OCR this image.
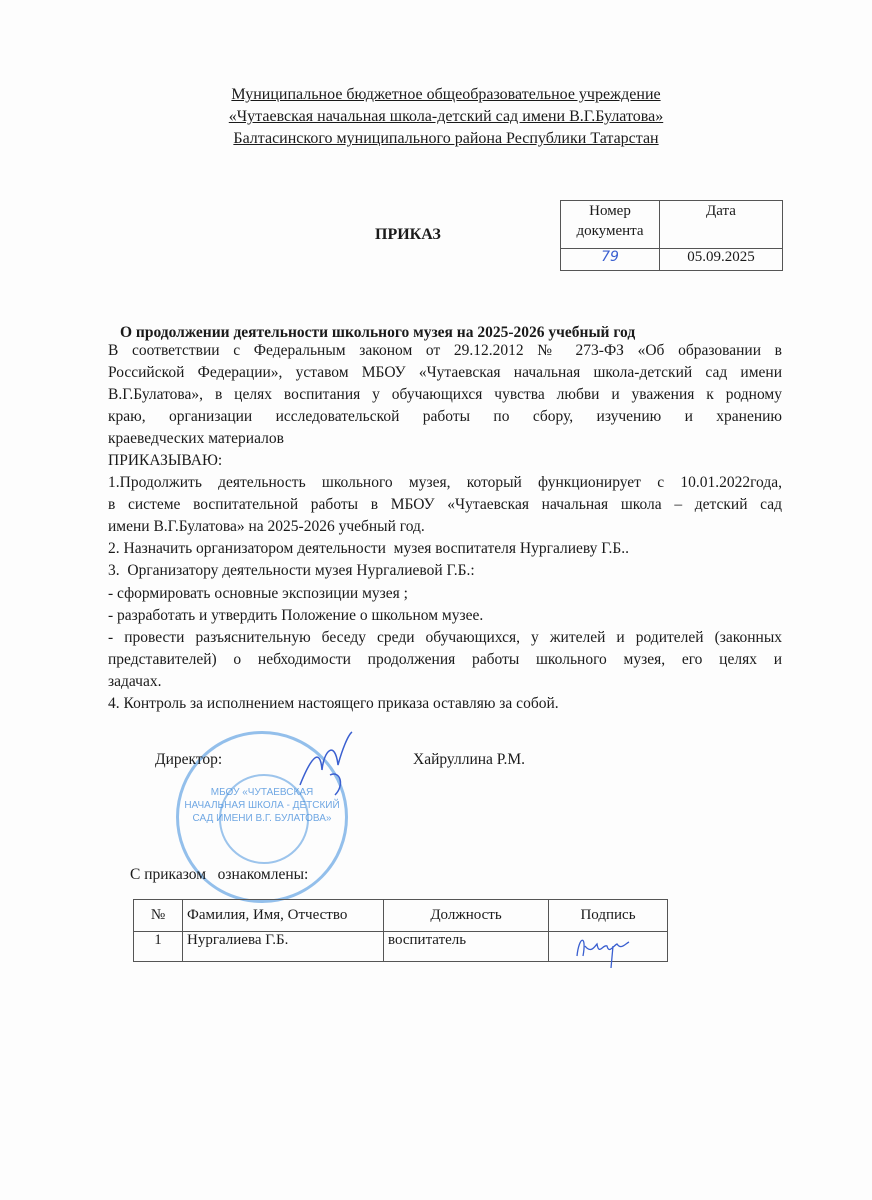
Муниципальное бюджетное общеобразовательное учреждение
«Чутаевская начальная школа-детский сад имени В.Г.Булатова»
Балтасинского муниципального района Республики Татарстан
ПРИКАЗ
Номер документа	Дата
79	05.09.2025
О продолжении деятельности школьного музея на 2025-2026 учебный год
В соответствии с Федеральным законом от 29.12.2012 № 273-ФЗ «Об образовании в
Российской Федерации», уставом МБОУ «Чутаевская начальная школа-детский сад имени
В.Г.Булатова», в целях воспитания у обучающихся чувства любви и уважения к родному
краю, организации исследовательской работы по сбору, изучению и хранению
краеведческих материалов
ПРИКАЗЫВАЮ:
1.Продолжить деятельность школьного музея, который функционирует с 10.01.2022года,
в системе воспитательной работы в МБОУ «Чутаевская начальная школа – детский сад
имени В.Г.Булатова» на 2025-2026 учебный год.
2. Назначить организатором деятельности  музея воспитателя Нургалиеву Г.Б..
3.  Организатору деятельности музея Нургалиевой Г.Б.:
- сформировать основные экспозиции музея ;
- разработать и утвердить Положение о школьном музее.
- провести разъяснительную беседу среди обучающихся, у жителей и родителей (законных
представителей) о небходимости продолжения работы школьного музея, его целях и
задачах.
4. Контроль за исполнением настоящего приказа оставляю за собой.
МБОУ «ЧУТАЕВСКАЯ НАЧАЛЬНАЯ ШКОЛА - ДЕТСКИЙ САД ИМЕНИ В.Г. БУЛАТОВА»
Директор:	Хайруллина Р.М.
С приказом   ознакомлены:
№	Фамилия, Имя, Отчество	Должность	Подпись
1	Нургалиева Г.Б.	воспитатель	
